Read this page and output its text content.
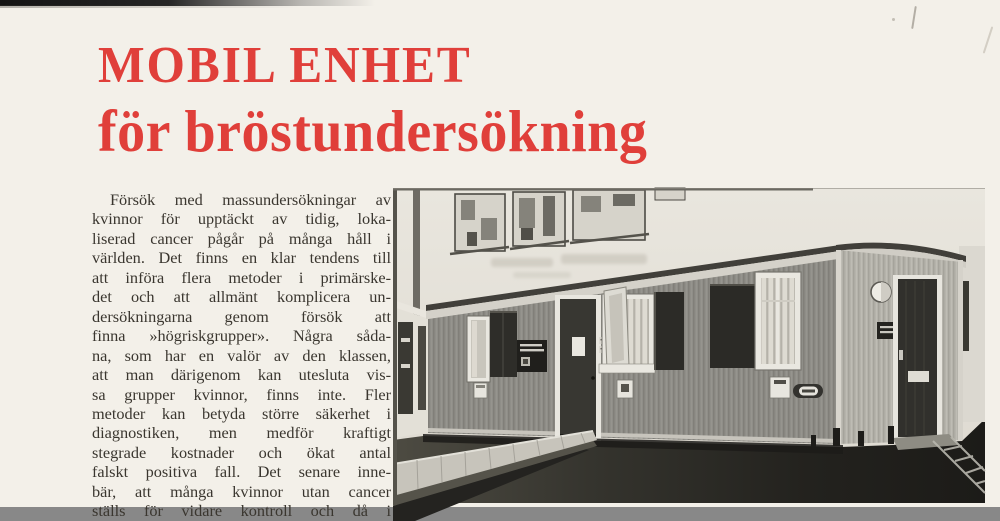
MOBIL ENHET
för bröstundersökning
Försök med massundersökningar av
kvinnor för upptäckt av tidig, loka-
liserad cancer pågår på många håll i
världen. Det finns en klar tendens till
att införa flera metoder i primärske-
det och att allmänt komplicera un-
dersökningarna genom försök att
finna »högriskgrupper». Några såda-
na, som har en valör av den klassen,
att man därigenom kan utesluta vis-
sa grupper kvinnor, finns inte. Fler
metoder kan betyda större säkerhet i
diagnostiken, men medför kraftigt
stegrade kostnader och ökat antal
falskt positiva fall. Det senare inne-
bär, att många kvinnor utan cancer
ställs för vidare kontroll och då i
